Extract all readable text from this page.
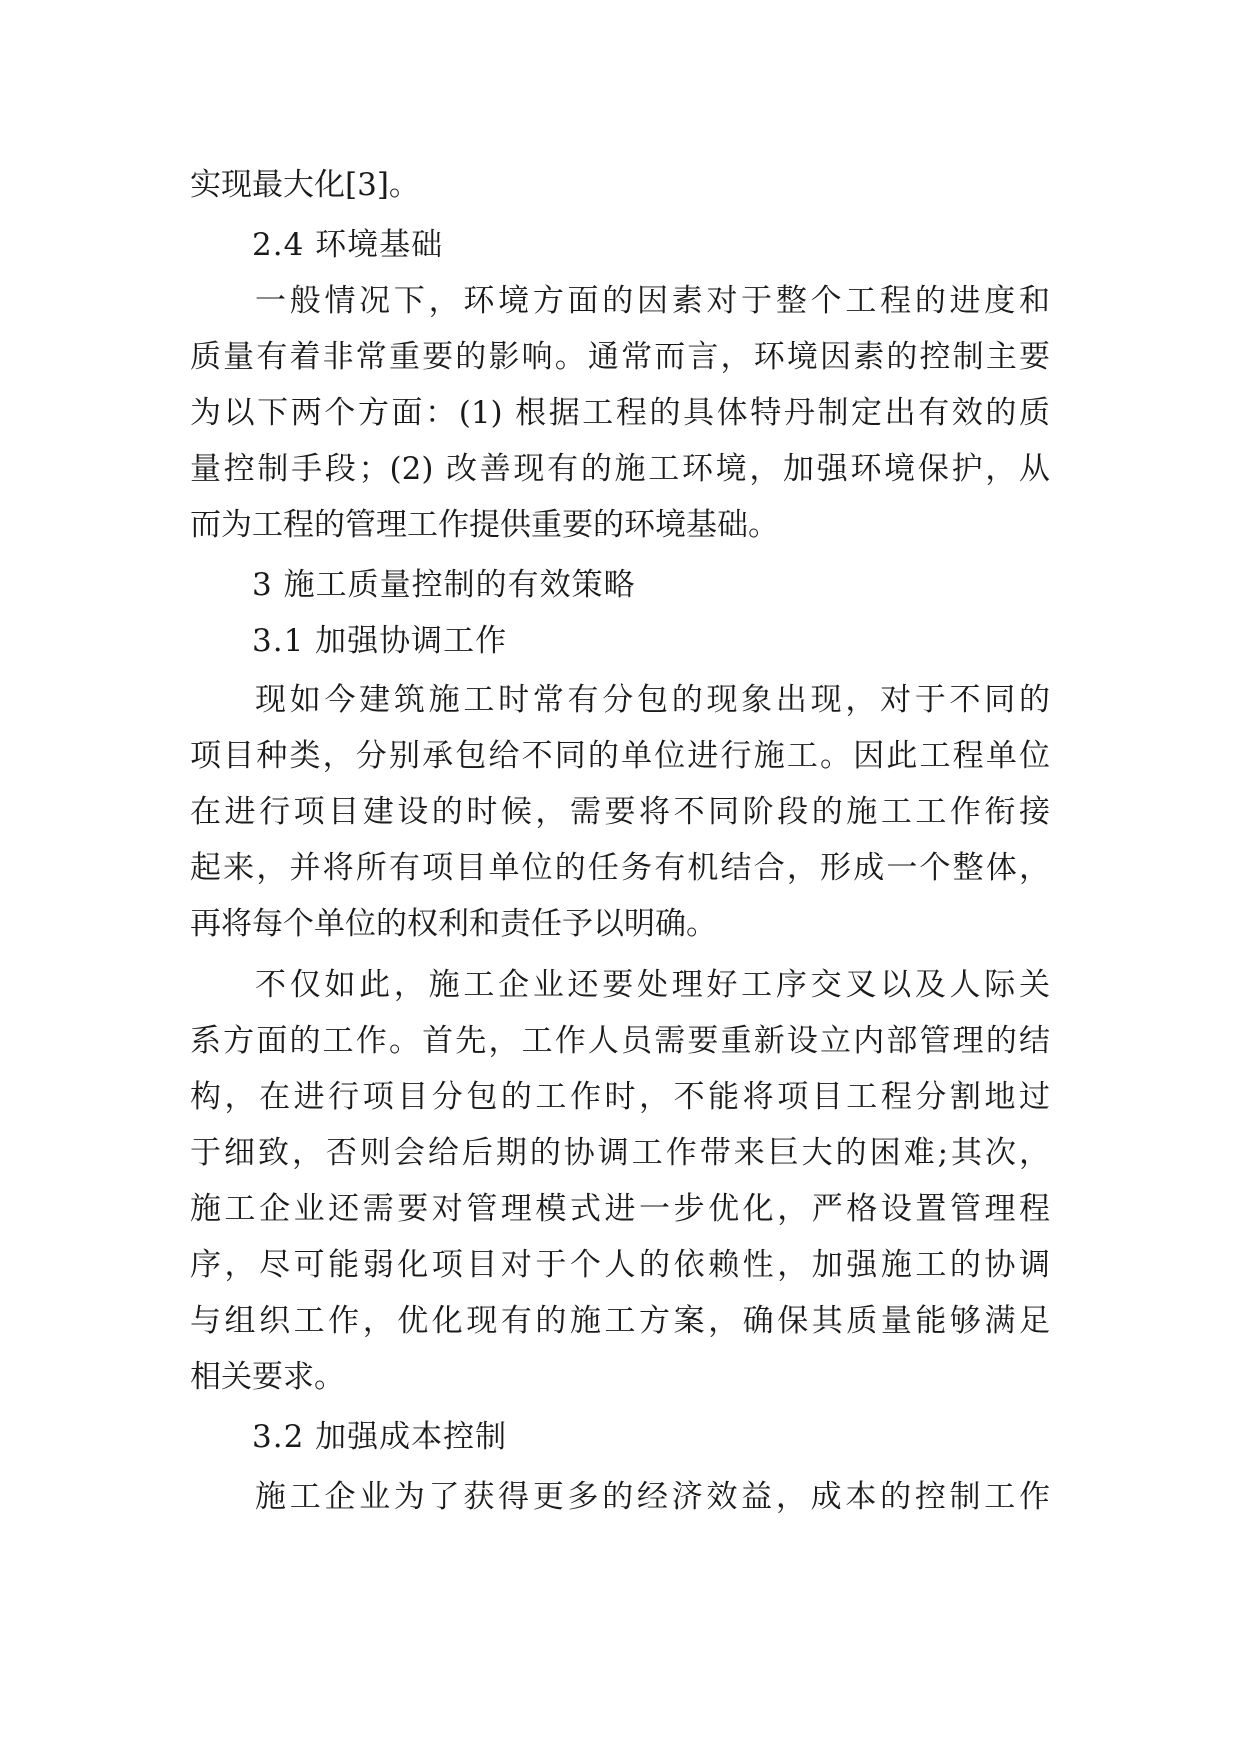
实现最大化[3]。
2.4 环境基础
一般情况下，环境方面的因素对于整个工程的进度和
质量有着非常重要的影响。通常而言，环境因素的控制主要
为以下两个方面：(1) 根据工程的具体特丹制定出有效的质
量控制手段；(2) 改善现有的施工环境，加强环境保护，从
而为工程的管理工作提供重要的环境基础。
3 施工质量控制的有效策略
3.1 加强协调工作
现如今建筑施工时常有分包的现象出现，对于不同的
项目种类，分别承包给不同的单位进行施工。因此工程单位
在进行项目建设的时候，需要将不同阶段的施工工作衔接
起来，并将所有项目单位的任务有机结合，形成一个整体，
再将每个单位的权利和责任予以明确。
不仅如此，施工企业还要处理好工序交叉以及人际关
系方面的工作。首先，工作人员需要重新设立内部管理的结
构，在进行项目分包的工作时，不能将项目工程分割地过
于细致，否则会给后期的协调工作带来巨大的困难;其次，
施工企业还需要对管理模式进一步优化，严格设置管理程
序，尽可能弱化项目对于个人的依赖性，加强施工的协调
与组织工作，优化现有的施工方案，确保其质量能够满足
相关要求。
3.2 加强成本控制
施工企业为了获得更多的经济效益，成本的控制工作
